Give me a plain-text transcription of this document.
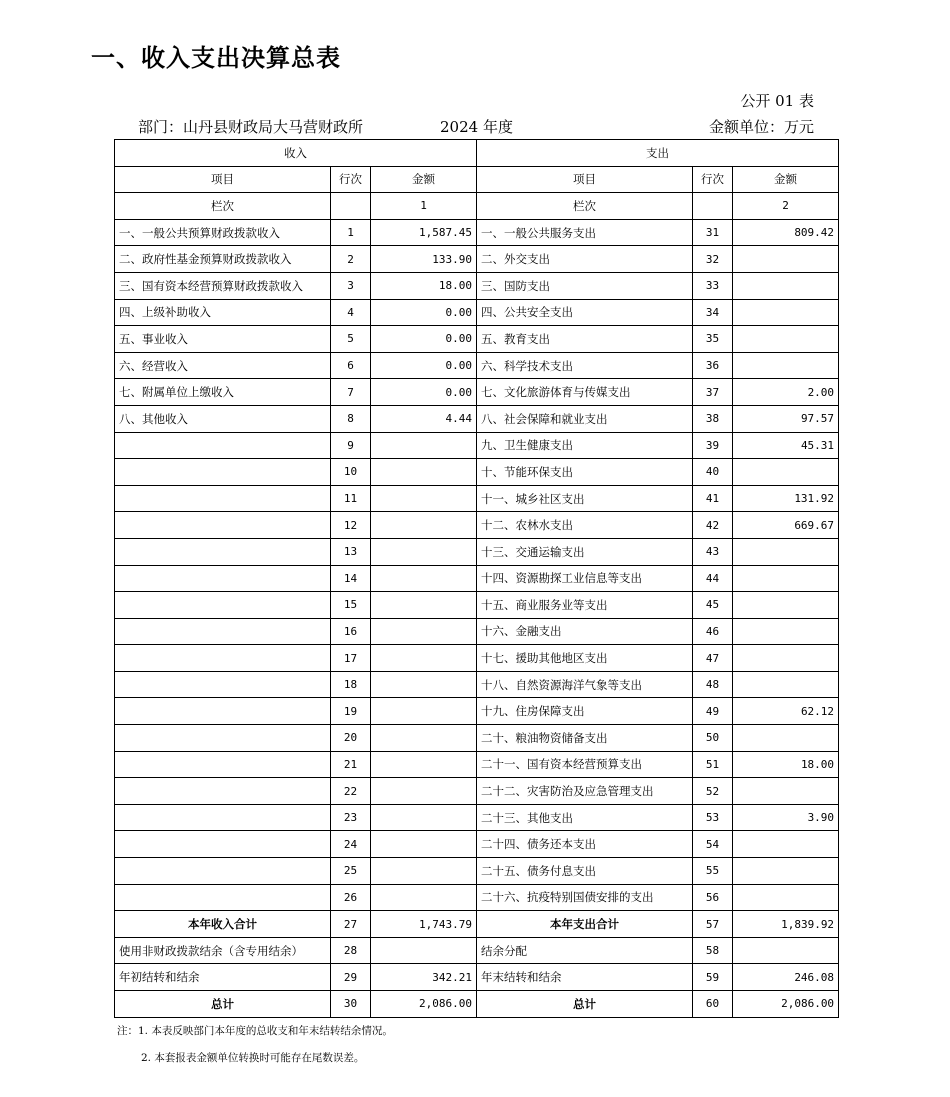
一、收入支出决算总表
公开 01 表
部门：山丹县财政局大马营财政所	2024 年度	金额单位：万元
收入			支出		
项目	行次	金额	项目	行次	金额
栏次		1	栏次		2
一、一般公共预算财政拨款收入	1	1,587.45	一、一般公共服务支出	31	809.42
二、政府性基金预算财政拨款收入	2	133.90	二、外交支出	32	
三、国有资本经营预算财政拨款收入	3	18.00	三、国防支出	33	
四、上级补助收入	4	0.00	四、公共安全支出	34	
五、事业收入	5	0.00	五、教育支出	35	
六、经营收入	6	0.00	六、科学技术支出	36	
七、附属单位上缴收入	7	0.00	七、文化旅游体育与传媒支出	37	2.00
八、其他收入	8	4.44	八、社会保障和就业支出	38	97.57
	9		九、卫生健康支出	39	45.31
	10		十、节能环保支出	40	
	11		十一、城乡社区支出	41	131.92
	12		十二、农林水支出	42	669.67
	13		十三、交通运输支出	43	
	14		十四、资源勘探工业信息等支出	44	
	15		十五、商业服务业等支出	45	
	16		十六、金融支出	46	
	17		十七、援助其他地区支出	47	
	18		十八、自然资源海洋气象等支出	48	
	19		十九、住房保障支出	49	62.12
	20		二十、粮油物资储备支出	50	
	21		二十一、国有资本经营预算支出	51	18.00
	22		二十二、灾害防治及应急管理支出	52	
	23		二十三、其他支出	53	3.90
	24		二十四、债务还本支出	54	
	25		二十五、债务付息支出	55	
	26		二十六、抗疫特别国债安排的支出	56	
本年收入合计	27	1,743.79	本年支出合计	57	1,839.92
使用非财政拨款结余（含专用结余）	28		结余分配	58	
年初结转和结余	29	342.21	年末结转和结余	59	246.08
总计	30	2,086.00	总计	60	2,086.00
注：1. 本表反映部门本年度的总收支和年末结转结余情况。
2. 本套报表金额单位转换时可能存在尾数误差。
